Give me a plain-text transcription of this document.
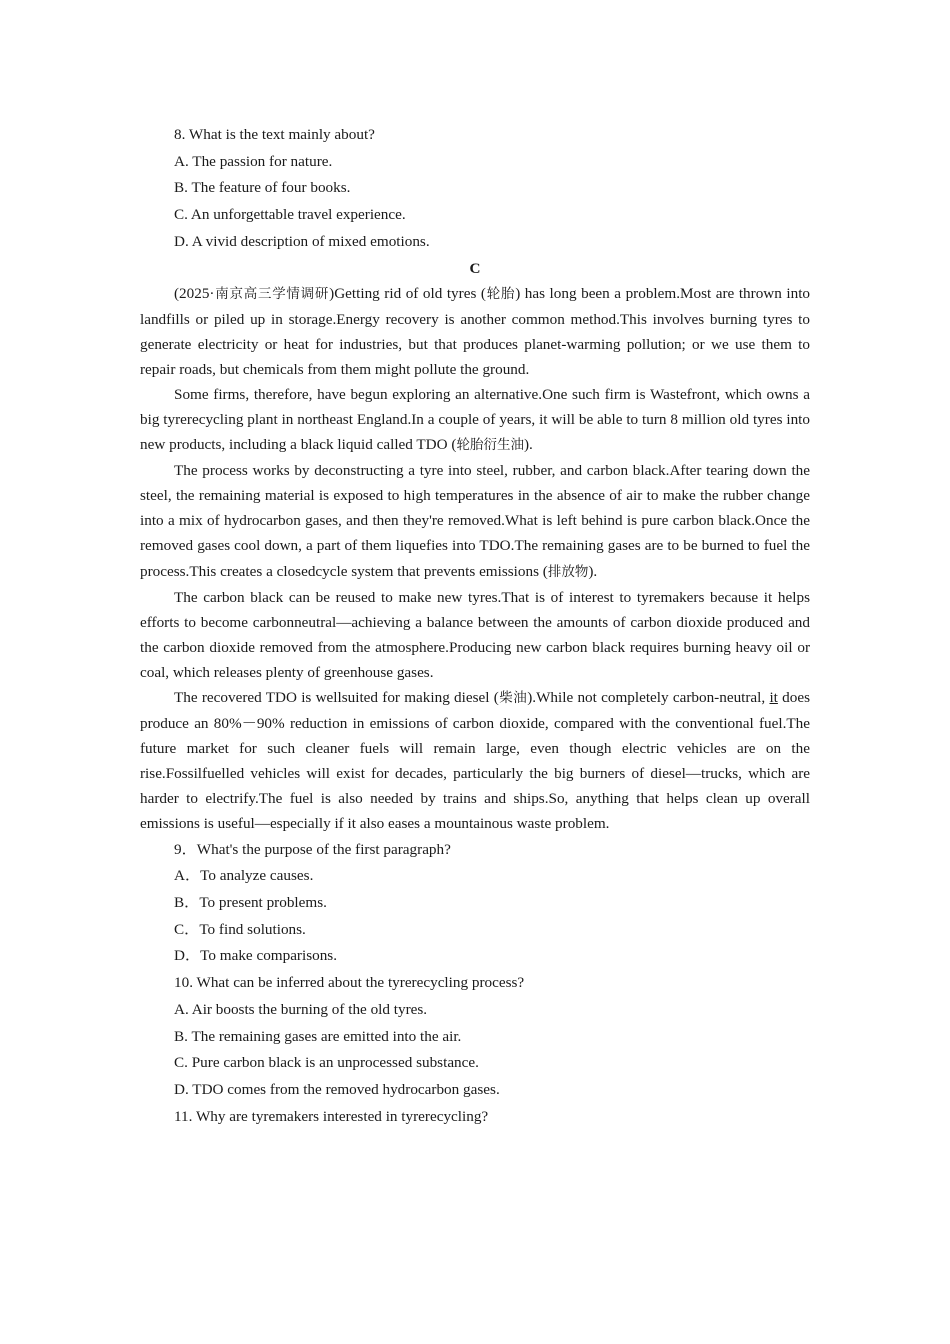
8. What is the text mainly about?

A. The passion for nature.

B. The feature of four books.

C. An unforgettable travel experience.

D. A vivid description of mixed emotions.

C

(2025·南京高三学情调研)Getting rid of old tyres (轮胎) has long been a problem.Most are thrown into landfills or piled up in storage.Energy recovery is another common method.This involves burning tyres to generate electricity or heat for industries, but that produces planet-warming pollution; or we use them to repair roads, but chemicals from them might pollute the ground.

Some firms, therefore, have begun exploring an alternative.One such firm is Wastefront, which owns a big tyrerecycling plant in northeast England.In a couple of years, it will be able to turn 8 million old tyres into new products, including a black liquid called TDO (轮胎衍生油).

The process works by deconstructing a tyre into steel, rubber, and carbon black.After tearing down the steel, the remaining material is exposed to high temperatures in the absence of air to make the rubber change into a mix of hydrocarbon gases, and then they're removed.What is left behind is pure carbon black.Once the removed gases cool down, a part of them liquefies into TDO.The remaining gases are to be burned to fuel the process.This creates a closedcycle system that prevents emissions (排放物).

The carbon black can be reused to make new tyres.That is of interest to tyremakers because it helps efforts to become carbonneutral—achieving a balance between the amounts of carbon dioxide produced and the carbon dioxide removed from the atmosphere.Producing new carbon black requires burning heavy oil or coal, which releases plenty of greenhouse gases.

The recovered TDO is wellsuited for making diesel (柴油).While not completely carbon-neutral, it does produce an 80%－90% reduction in emissions of carbon dioxide, compared with the conventional fuel.The future market for such cleaner fuels will remain large, even though electric vehicles are on the rise.Fossilfuelled vehicles will exist for decades, particularly the big burners of diesel—trucks, which are harder to electrify.The fuel is also needed by trains and ships.So, anything that helps clean up overall emissions is useful—especially if it also eases a mountainous waste problem.

9．What's the purpose of the first paragraph?

A．To analyze causes.

B．To present problems.

C．To find solutions.

D．To make comparisons.

10. What can be inferred about the tyrerecycling process?

A. Air boosts the burning of the old tyres.

B. The remaining gases are emitted into the air.

C. Pure carbon black is an unprocessed substance.

D. TDO comes from the removed hydrocarbon gases.

11. Why are tyremakers interested in tyrerecycling?
